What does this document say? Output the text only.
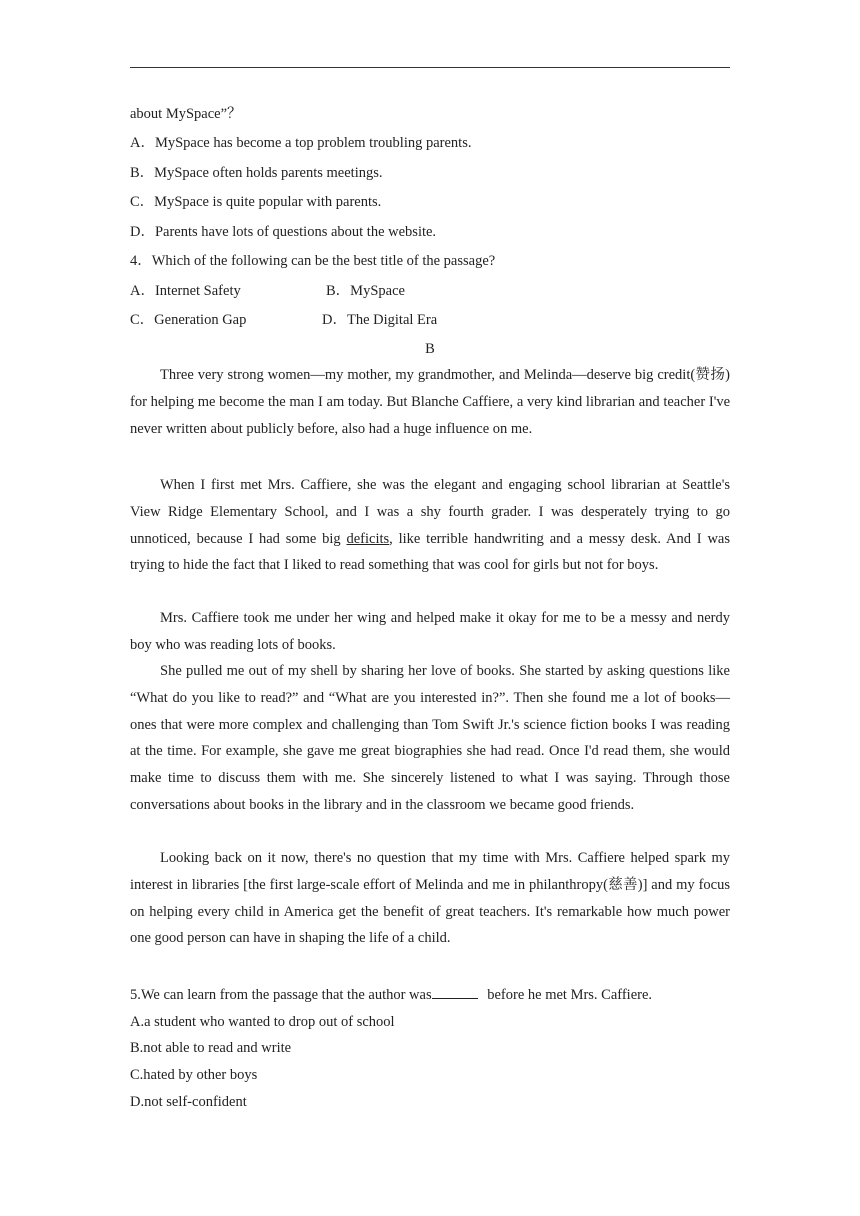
about MySpace”？
A．MySpace has become a top problem troubling parents.
B．MySpace often holds parents meetings.
C．MySpace is quite popular with parents.
D．Parents have lots of questions about the website.
4．Which of the following can be the best title of the passage?
A．Internet Safety	B．MySpace
C．Generation Gap	D．The Digital Era
B

Three very strong women—my mother, my grandmother, and Melinda—deserve big credit(赞扬) for helping me become the man I am today. But Blanche Caffiere, a very kind librarian and teacher I've never written about publicly before, also had a huge influence on me.

When I first met Mrs. Caffiere, she was the elegant and engaging school librarian at Seattle's View Ridge Elementary School, and I was a shy fourth grader. I was desperately trying to go unnoticed, because I had some big deficits, like terrible handwriting and a messy desk. And I was trying to hide the fact that I liked to read something that was cool for girls but not for boys.

Mrs. Caffiere took me under her wing and helped make it okay for me to be a messy and nerdy boy who was reading lots of books.

She pulled me out of my shell by sharing her love of books. She started by asking questions like “What do you like to read?” and “What are you interested in?”. Then she found me a lot of books—ones that were more complex and challenging than Tom Swift Jr.'s science fiction books I was reading at the time. For example, she gave me great biographies she had read. Once I'd read them, she would make time to discuss them with me. She sincerely listened to what I was saying. Through those conversations about books in the library and in the classroom we became good friends.

Looking back on it now, there's no question that my time with Mrs. Caffiere helped spark my interest in libraries [the first large-scale effort of Melinda and me in philanthropy(慈善)] and my focus on helping every child in America get the benefit of great teachers. It's remarkable how much power one good person can have in shaping the life of a child.

5.We can learn from the passage that the author was	before he met Mrs. Caffiere.
A.a student who wanted to drop out of school
B.not able to read and write
C.hated by other boys
D.not self-confident
